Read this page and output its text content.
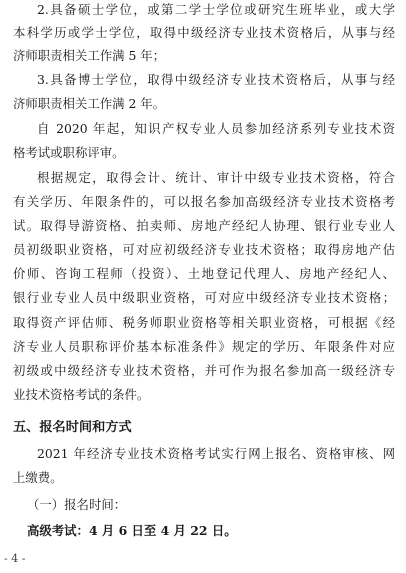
2.具备硕士学位，或第二学士学位或研究生班毕业，或大学
本科学历或学士学位，取得中级经济专业技术资格后，从事与经
济师职责相关工作满 5 年；
3.具备博士学位，取得中级经济专业技术资格后，从事与经
济师职责相关工作满 2 年。
自 2020 年起，知识产权专业人员参加经济系列专业技术资
格考试或职称评审。
根据规定，取得会计、统计、审计中级专业技术资格，符合
有关学历、年限条件的，可以报名参加高级经济专业技术资格考
试。取得导游资格、拍卖师、房地产经纪人协理、银行业专业人
员初级职业资格，可对应初级经济专业技术资格；取得房地产估
价师、咨询工程师（投资）、土地登记代理人、房地产经纪人、
银行业专业人员中级职业资格，可对应中级经济专业技术资格；
取得资产评估师、税务师职业资格等相关职业资格，可根据《经
济专业人员职称评价基本标准条件》规定的学历、年限条件对应
初级或中级经济专业技术资格，并可作为报名参加高一级经济专
业技术资格考试的条件。
五、报名时间和方式
2021 年经济专业技术资格考试实行网上报名、资格审核、网
上缴费。
（一）报名时间：
高级考试：4 月 6 日至 4 月 22 日。
- 4 -
